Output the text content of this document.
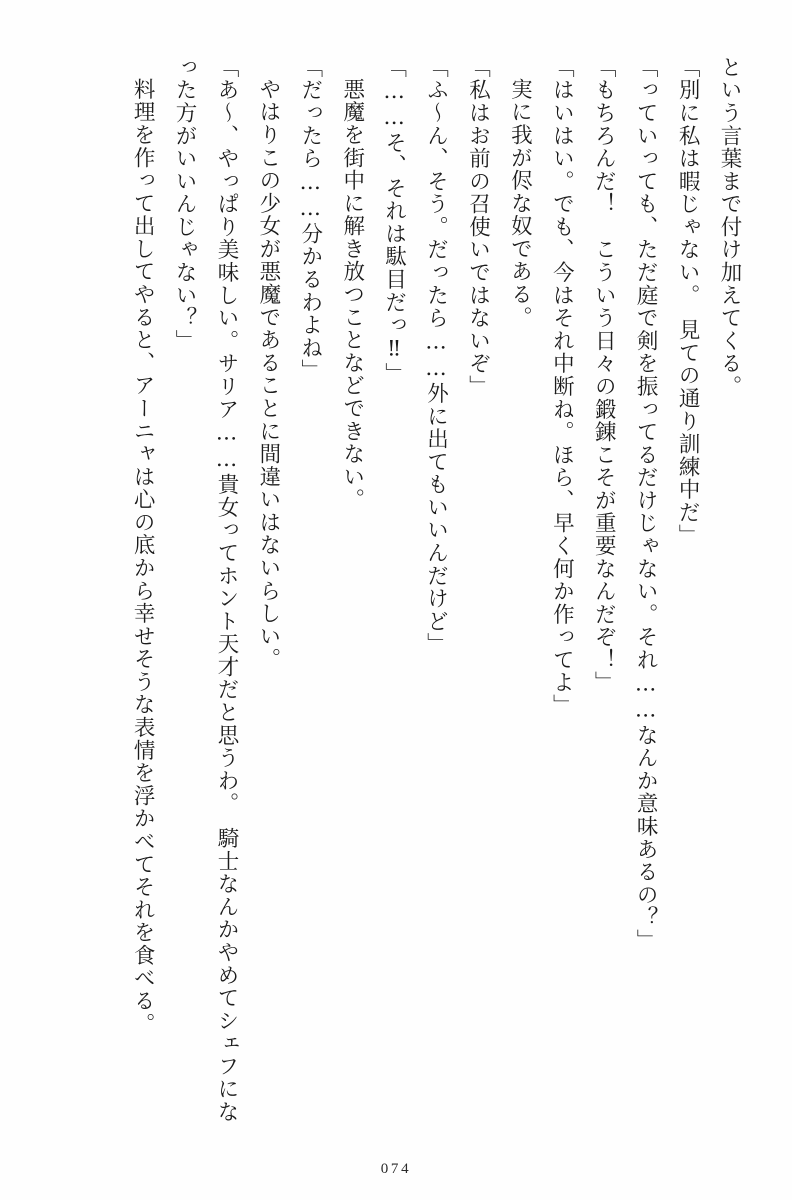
という言葉まで付け加えてくる。

「別に私は暇じゃない。　見ての通り訓練中だ」

「っていっても、ただ庭で剣を振ってるだけじゃない。それ……なんか意味あるの？」

「もちろんだ！　こういう日々の鍛錬こそが重要なんだぞ！」

「はいはい。でも、今はそれ中断ね。ほら、早く何か作ってよ」

実に我が侭な奴である。

「私はお前の召使いではないぞ」

「ふ～ん、そう。だったら……外に出てもいいんだけど」

「……そ、それは駄目だっ‼」

悪魔を街中に解き放つことなどできない。

「だったら……分かるわよね」

やはりこの少女が悪魔であることに間違いはないらしい。

「あ～、やっぱり美味しい。サリア……貴女ってホント天才だと思うわ。　騎士なんかやめてシェフになった方がいいんじゃない？」

料理を作って出してやると、アーニャは心の底から幸せそうな表情を浮かべてそれを食べる。

074
